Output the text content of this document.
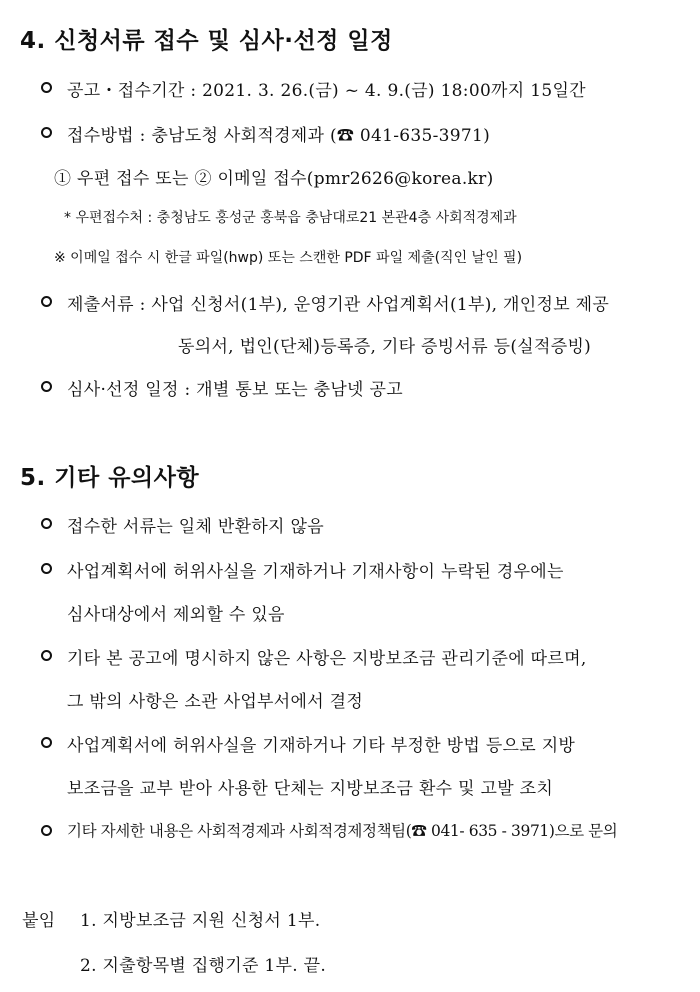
4. 신청서류 접수 및 심사·선정 일정
공고・접수기간 : 2021. 3. 26.(금) ~ 4. 9.(금) 18:00까지 15일간
접수방법 : 충남도청 사회적경제과 (☎ 041-635-3971)
① 우편 접수 또는 ② 이메일 접수(pmr2626@korea.kr)
* 우편접수처 : 충청남도 홍성군 홍북읍 충남대로21 본관4층 사회적경제과
※ 이메일 접수 시 한글 파일(hwp) 또는 스캔한 PDF 파일 제출(직인 날인 필)
제출서류 : 사업 신청서(1부), 운영기관 사업계획서(1부), 개인정보 제공
동의서, 법인(단체)등록증, 기타 증빙서류 등(실적증빙)
심사·선정 일정 : 개별 통보 또는 충남넷 공고
5. 기타 유의사항
접수한 서류는 일체 반환하지 않음
사업계획서에 허위사실을 기재하거나 기재사항이 누락된 경우에는
심사대상에서 제외할 수 있음
기타 본 공고에 명시하지 않은 사항은 지방보조금 관리기준에 따르며,
그 밖의 사항은 소관 사업부서에서 결정
사업계획서에 허위사실을 기재하거나 기타 부정한 방법 등으로 지방
보조금을 교부 받아 사용한 단체는 지방보조금 환수 및 고발 조치
기타 자세한 내용은 사회적경제과 사회적경제정책팀(☎ 041- 635 - 3971)으로 문의
붙임 1. 지방보조금 지원 신청서 1부.
2. 지출항목별 집행기준 1부. 끝.
